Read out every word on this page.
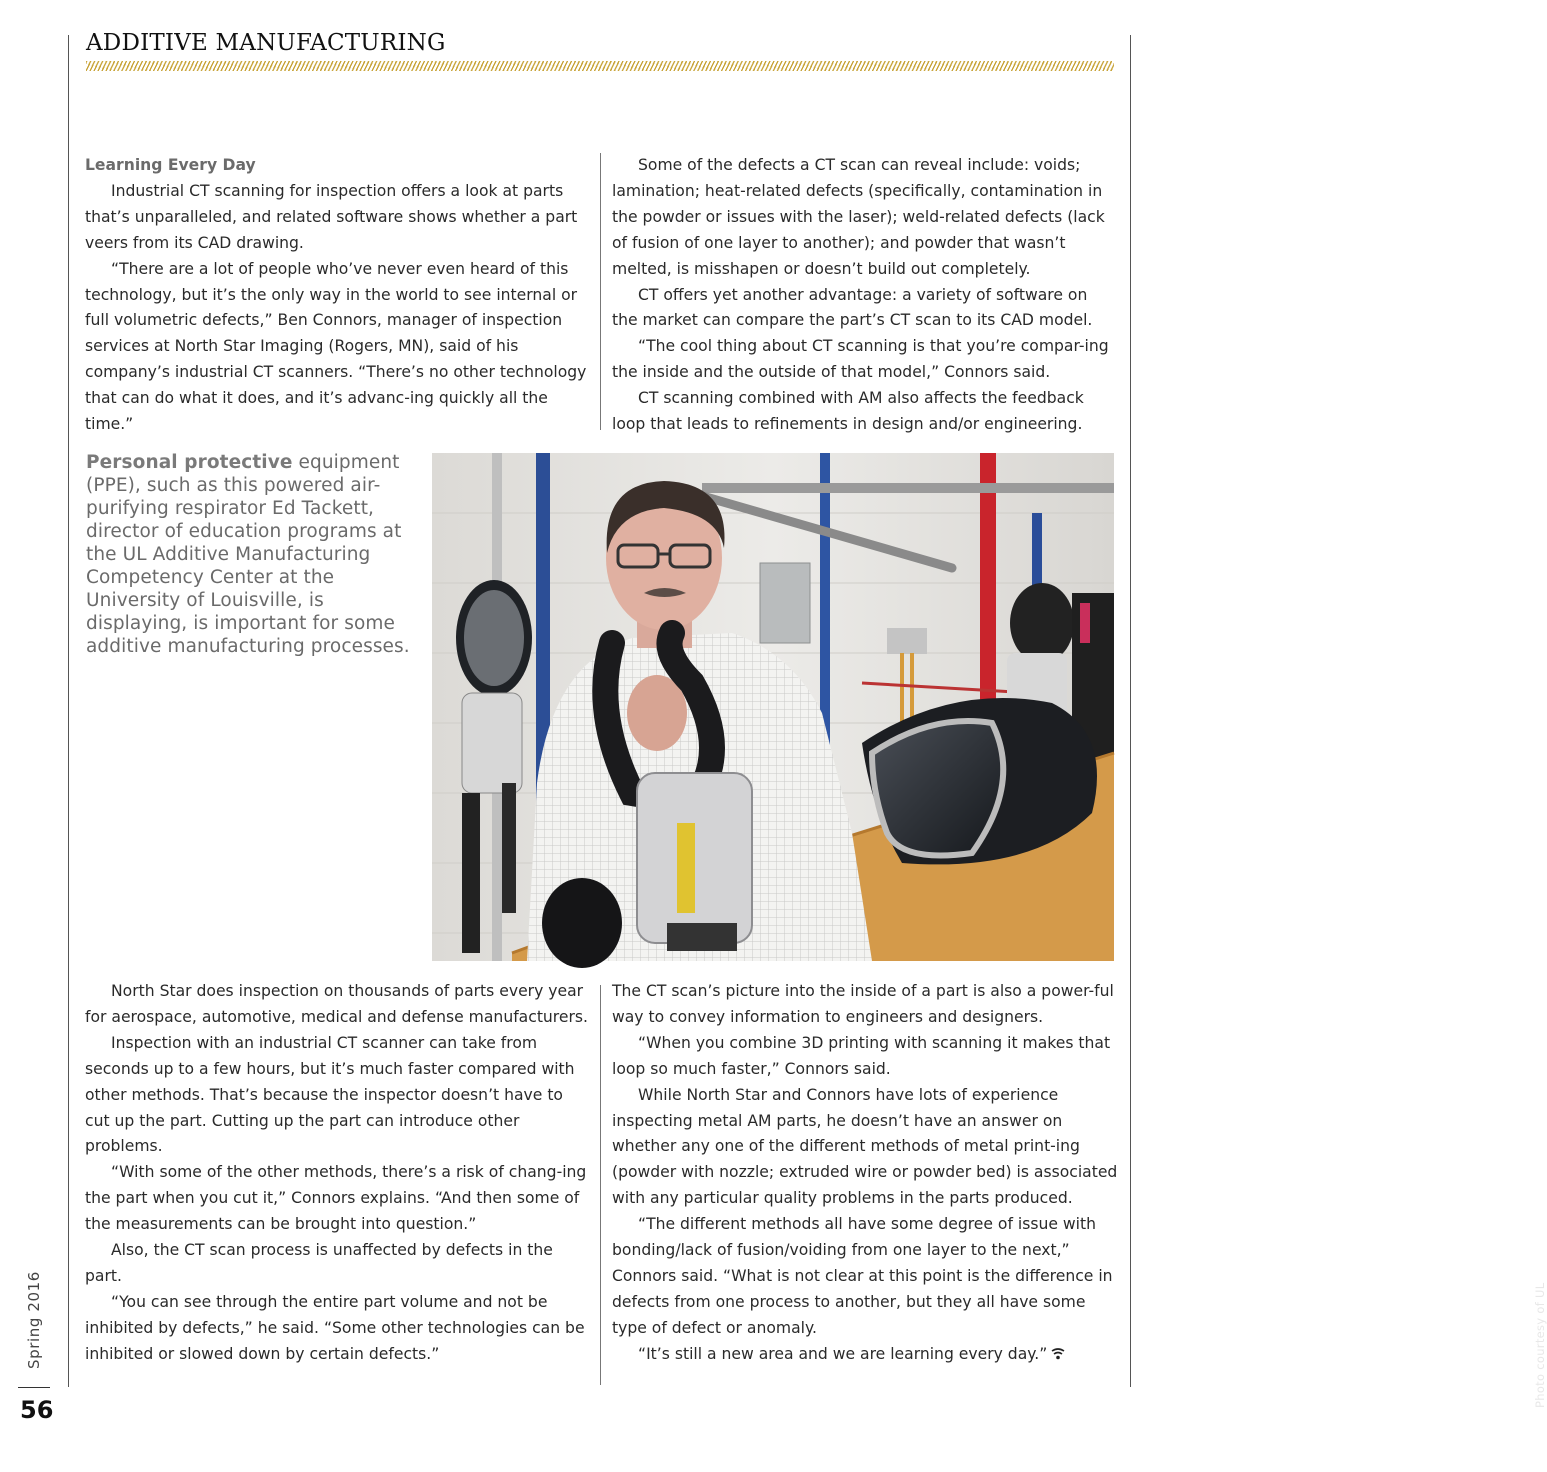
ADDITIVE MANUFACTURING
Learning Every Day

Industrial CT scanning for inspection offers a look at parts that’s unparalleled, and related software shows whether a part veers from its CAD drawing.

“There are a lot of people who’ve never even heard of this technology, but it’s the only way in the world to see internal or full volumetric defects,” Ben Connors, manager of inspection services at North Star Imaging (Rogers, MN), said of his company’s industrial CT scanners. “There’s no other technology that can do what it does, and it’s advanc-ing quickly all the time.”

Some of the defects a CT scan can reveal include: voids; lamination; heat-related defects (specifically, contamination in the powder or issues with the laser); weld-related defects (lack of fusion of one layer to another); and powder that wasn’t melted, is misshapen or doesn’t build out completely.

CT offers yet another advantage: a variety of software on the market can compare the part’s CT scan to its CAD model.

“The cool thing about CT scanning is that you’re compar-ing the inside and the outside of that model,” Connors said.

CT scanning combined with AM also affects the feedback loop that leads to refinements in design and/or engineering.

Personal protective equipment (PPE), such as this powered air-purifying respirator Ed Tackett, director of education programs at the UL Additive Manufacturing Competency Center at the University of Louisville, is displaying, is important for some additive manufacturing processes.
Photo courtesy of UL

North Star does inspection on thousands of parts every year for aerospace, automotive, medical and defense manufacturers.

Inspection with an industrial CT scanner can take from seconds up to a few hours, but it’s much faster compared with other methods. That’s because the inspector doesn’t have to cut up the part. Cutting up the part can introduce other problems.

“With some of the other methods, there’s a risk of chang-ing the part when you cut it,” Connors explains. “And then some of the measurements can be brought into question.”

Also, the CT scan process is unaffected by defects in the part.

“You can see through the entire part volume and not be inhibited by defects,” he said. “Some other technologies can be inhibited or slowed down by certain defects.”

The CT scan’s picture into the inside of a part is also a power-ful way to convey information to engineers and designers.

“When you combine 3D printing with scanning it makes that loop so much faster,” Connors said.

While North Star and Connors have lots of experience inspecting metal AM parts, he doesn’t have an answer on whether any one of the different methods of metal print-ing (powder with nozzle; extruded wire or powder bed) is associated with any particular quality problems in the parts produced.

“The different methods all have some degree of issue with bonding/lack of fusion/voiding from one layer to the next,” Connors said. “What is not clear at this point is the difference in defects from one process to another, but they all have some type of defect or anomaly.

“It’s still a new area and we are learning every day.”

Spring 2016
56
